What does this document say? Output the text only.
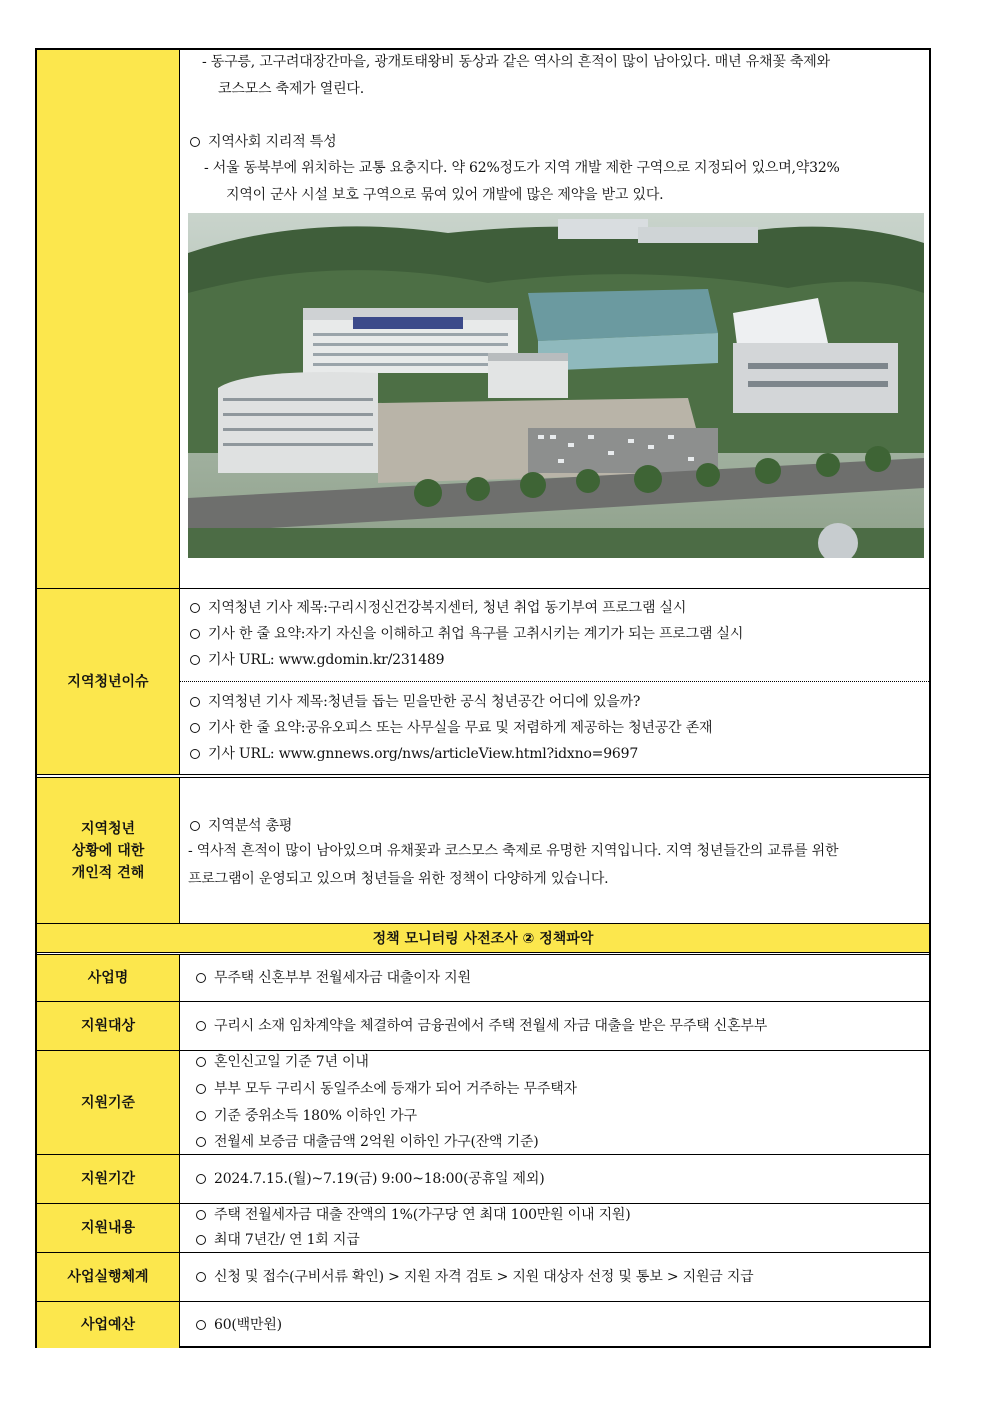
- 동구릉, 고구려대장간마을, 광개토태왕비 동상과 같은 역사의 흔적이 많이 남아있다. 매년 유채꽃 축제와
코스모스 축제가 열린다.
지역사회 지리적 특성
- 서울 동북부에 위치하는 교통 요충지다. 약 62%정도가 지역 개발 제한 구역으로 지정되어 있으며,약32%
지역이 군사 시설 보호 구역으로 묶여 있어 개발에 많은 제약을 받고 있다.
지역청년이슈
지역청년 기사 제목:구리시정신건강복지센터, 청년 취업 동기부여 프로그램 실시
기사 한 줄 요약:자기 자신을 이해하고 취업 욕구를 고취시키는 계기가 되는 프로그램 실시
기사 URL: www.gdomin.kr/231489
지역청년 기사 제목:청년들 돕는 믿을만한 공식 청년공간 어디에 있을까?
기사 한 줄 요약:공유오피스 또는 사무실을 무료 및 저렴하게 제공하는 청년공간 존재
기사 URL: www.gnnews.org/nws/articleView.html?idxno=9697
지역청년
상황에 대한
개인적 견해
지역분석 총평
- 역사적 흔적이 많이 남아있으며 유채꽃과 코스모스 축제로 유명한 지역입니다. 지역 청년들간의 교류를 위한
프로그램이 운영되고 있으며 청년들을 위한 정책이 다양하게 있습니다.
정책 모니터링 사전조사 ② 정책파악
사업명	무주택 신혼부부 전월세자금 대출이자 지원
지원대상	구리시 소재 임차계약을 체결하여 금융권에서 주택 전월세 자금 대출을 받은 무주택 신혼부부
지원기준
혼인신고일 기준 7년 이내
부부 모두 구리시 동일주소에 등재가 되어 거주하는 무주택자
기준 중위소득 180% 이하인 가구
전월세 보증금 대출금액 2억원 이하인 가구(잔액 기준)
지원기간	2024.7.15.(월)~7.19(금) 9:00~18:00(공휴일 제외)
지원내용
주택 전월세자금 대출 잔액의 1%(가구당 연 최대 100만원 이내 지원)
최대 7년간/ 연 1회 지급
사업실행체계	신청 및 접수(구비서류 확인) > 지원 자격 검토 > 지원 대상자 선정 및 통보 > 지원금 지급
사업예산	60(백만원)
